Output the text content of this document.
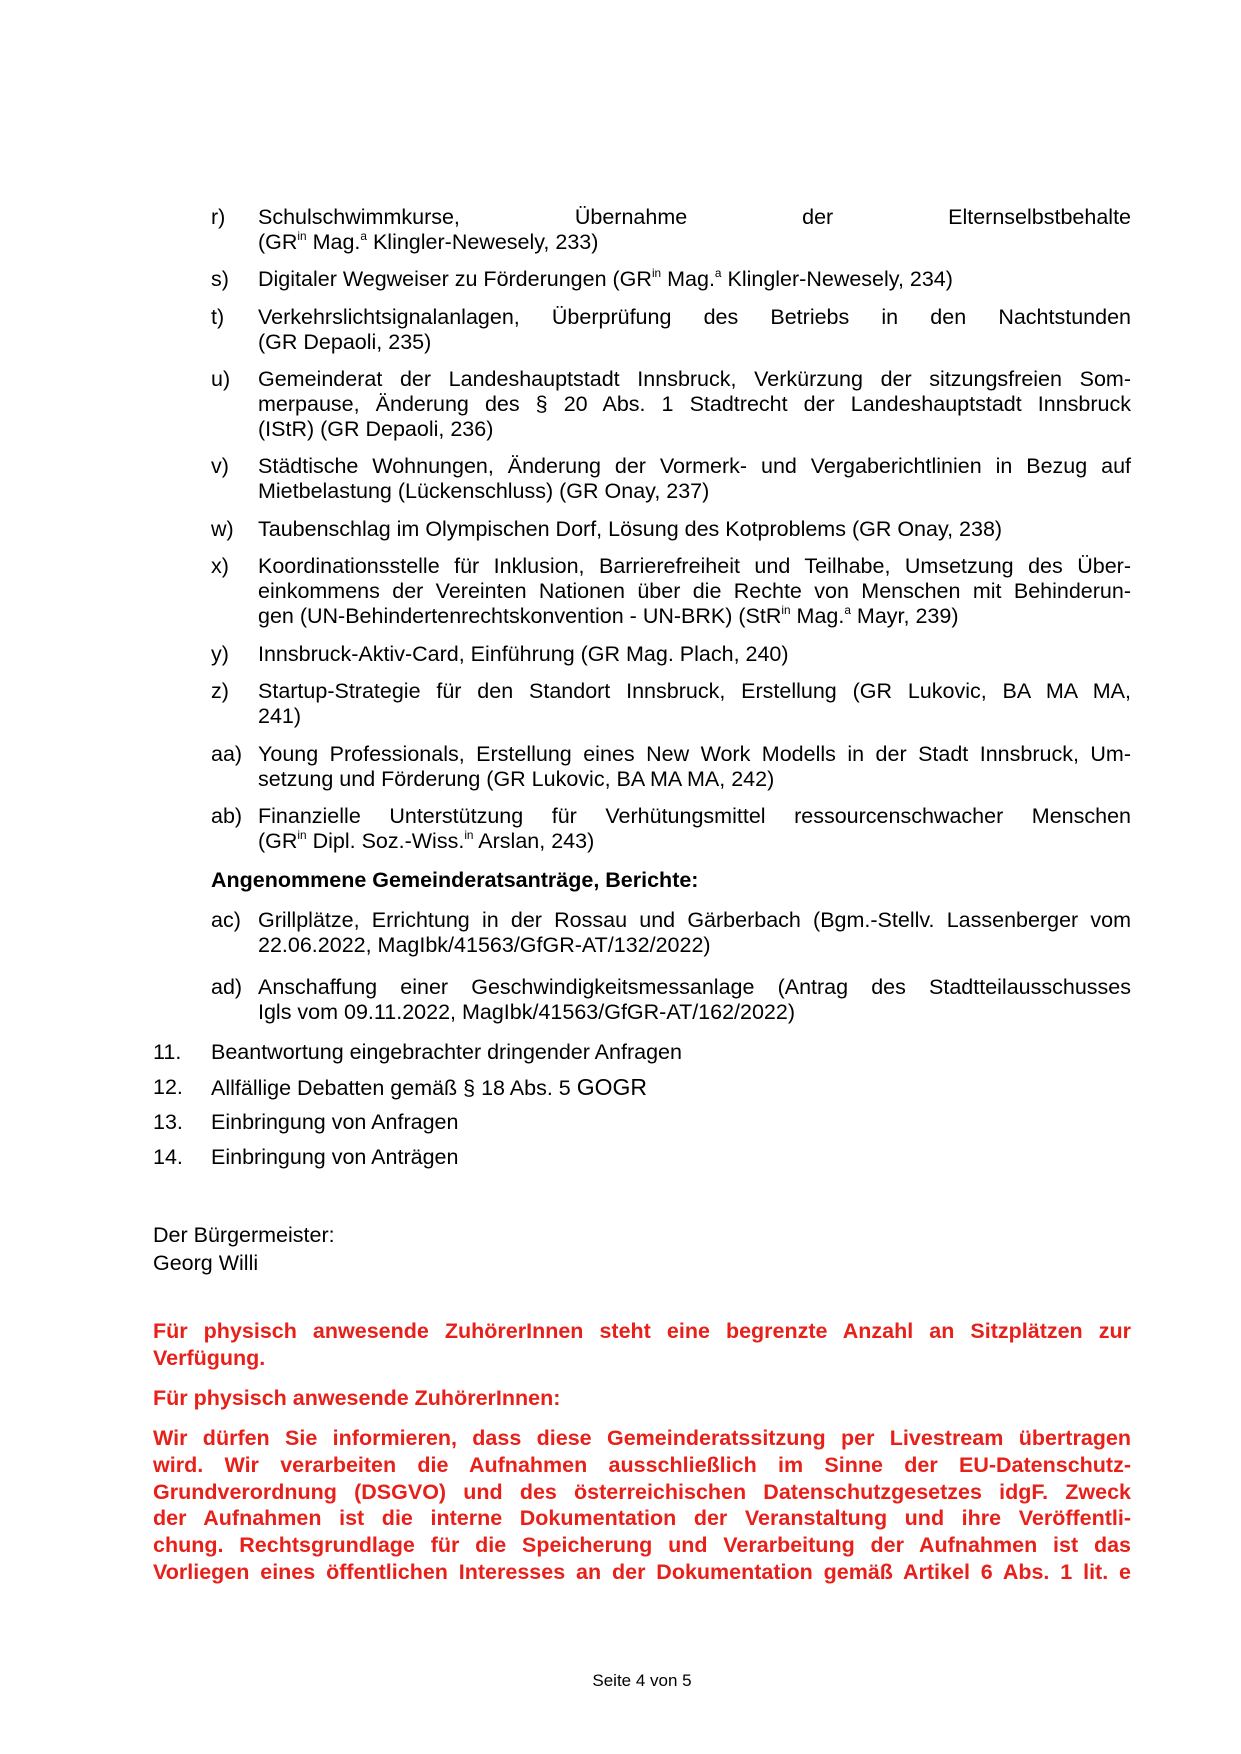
r) Schulschwimmkurse, Übernahme der Elternselbstbehalte
($GR^{in}$ Mag.$^a$ Klingler-Newesely, 233)
s) Digitaler Wegweiser zu Förderungen ($GR^{in}$ Mag.$^a$ Klingler-Newesely, 234)
t) Verkehrslichtsignalanlagen, Überprüfung des Betriebs in den Nachtstunden
(GR Depaoli, 235)
u) Gemeinderat der Landeshauptstadt Innsbruck, Verkürzung der sitzungsfreien Som-
merpause, Änderung des § 20 Abs. 1 Stadtrecht der Landeshauptstadt Innsbruck
(IStR) (GR Depaoli, 236)
v) Städtische Wohnungen, Änderung der Vormerk- und Vergaberichtlinien in Bezug auf
Mietbelastung (Lückenschluss) (GR Onay, 237)
w) Taubenschlag im Olympischen Dorf, Lösung des Kotproblems (GR Onay, 238)
x) Koordinationsstelle für Inklusion, Barrierefreiheit und Teilhabe, Umsetzung des Über-
einkommens der Vereinten Nationen über die Rechte von Menschen mit Behinderun-
gen (UN-Behindertenrechtskonvention - UN-BRK) (StR$^{in}$ Mag.$^a$ Mayr, 239)
y) Innsbruck-Aktiv-Card, Einführung (GR Mag. Plach, 240)
z) Startup-Strategie für den Standort Innsbruck, Erstellung (GR Lukovic, BA MA MA,
241)
aa) Young Professionals, Erstellung eines New Work Modells in der Stadt Innsbruck, Um-
setzung und Förderung (GR Lukovic, BA MA MA, 242)
ab) Finanzielle Unterstützung für Verhütungsmittel ressourcenschwacher Menschen
($GR^{in}$ Dipl. Soz.-Wiss.$^{in}$ Arslan, 243)
ac) Grillplätze, Errichtung in der Rossau und Gärberbach (Bgm.-Stellv. Lassenberger vom
22.06.2022, MagIbk/41563/GfGR-AT/132/2022)
ad) Anschaffung einer Geschwindigkeitsmessanlage (Antrag des Stadtteilausschusses
Igls vom 09.11.2022, MagIbk/41563/GfGR-AT/162/2022)
Angenommene Gemeinderatsanträge, Berichte:
11. Beantwortung eingebrachter dringender Anfragen
12. Allfällige Debatten gemäß § 18 Abs. 5 GOGR
13. Einbringung von Anfragen
14. Einbringung von Anträgen
Der Bürgermeister:
Georg Willi
Für physisch anwesende ZuhörerInnen steht eine begrenzte Anzahl an Sitzplätzen zur
Verfügung.
Für physisch anwesende ZuhörerInnen:
Wir dürfen Sie informieren, dass diese Gemeinderatssitzung per Livestream übertragen
wird. Wir verarbeiten die Aufnahmen ausschließlich im Sinne der EU-Datenschutz-
Grundverordnung (DSGVO) und des österreichischen Datenschutzgesetzes idgF. Zweck
der Aufnahmen ist die interne Dokumentation der Veranstaltung und ihre Veröffentli-
chung. Rechtsgrundlage für die Speicherung und Verarbeitung der Aufnahmen ist das
Vorliegen eines öffentlichen Interesses an der Dokumentation gemäß Artikel 6 Abs. 1 lit. e
Seite 4 von 5
